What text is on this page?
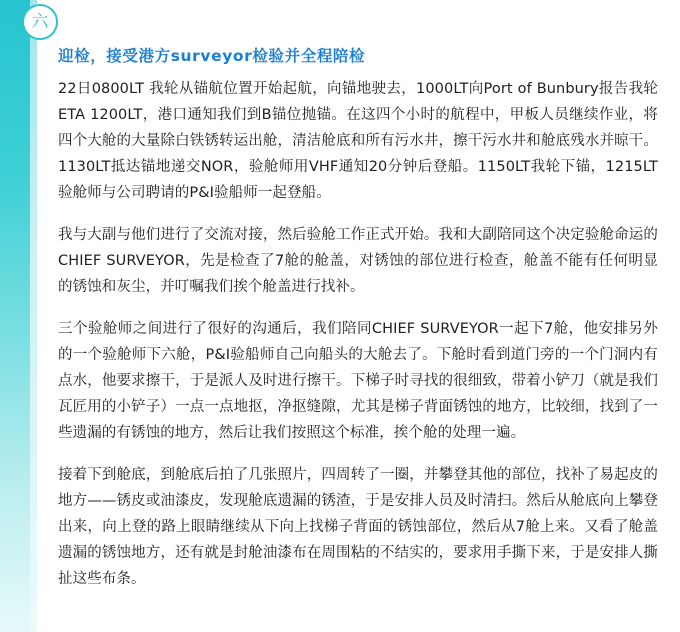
六
迎检，接受港方surveyor检验并全程陪检

22日0800LT 我轮从锚航位置开始起航，向锚地驶去，1000LT向Port of Bunbury报告我轮ETA 1200LT，港口通知我们到B锚位抛锚。在这四个小时的航程中，甲板人员继续作业，将四个大舱的大量除白铁锈转运出舱，清洁舱底和所有污水井，擦干污水井和舱底残水并晾干。1130LT抵达锚地递交NOR，验舱师用VHF通知20分钟后登船。1150LT我轮下锚，1215LT验舱师与公司聘请的P&I验船师一起登船。

我与大副与他们进行了交流对接，然后验舱工作正式开始。我和大副陪同这个决定验舱命运的CHIEF SURVEYOR，先是检查了7舱的舱盖，对锈蚀的部位进行检查，舱盖不能有任何明显的锈蚀和灰尘，并叮嘱我们挨个舱盖进行找补。

三个验舱师之间进行了很好的沟通后，我们陪同CHIEF SURVEYOR一起下7舱，他安排另外的一个验舱师下六舱，P&I验船师自己向船头的大舱去了。下舱时看到道门旁的一个门洞内有点水，他要求擦干，于是派人及时进行擦干。下梯子时寻找的很细致，带着小铲刀（就是我们瓦匠用的小铲子）一点一点地抠，净抠缝隙，尤其是梯子背面锈蚀的地方，比较细，找到了一些遗漏的有锈蚀的地方，然后让我们按照这个标准，挨个舱的处理一遍。

接着下到舱底，到舱底后拍了几张照片，四周转了一圈，并攀登其他的部位，找补了易起皮的地方——锈皮或油漆皮，发现舱底遗漏的锈渣，于是安排人员及时清扫。然后从舱底向上攀登出来，向上登的路上眼睛继续从下向上找梯子背面的锈蚀部位，然后从7舱上来。又看了舱盖遗漏的锈蚀地方，还有就是封舱油漆布在周围粘的不结实的，要求用手撕下来，于是安排人撕扯这些布条。
